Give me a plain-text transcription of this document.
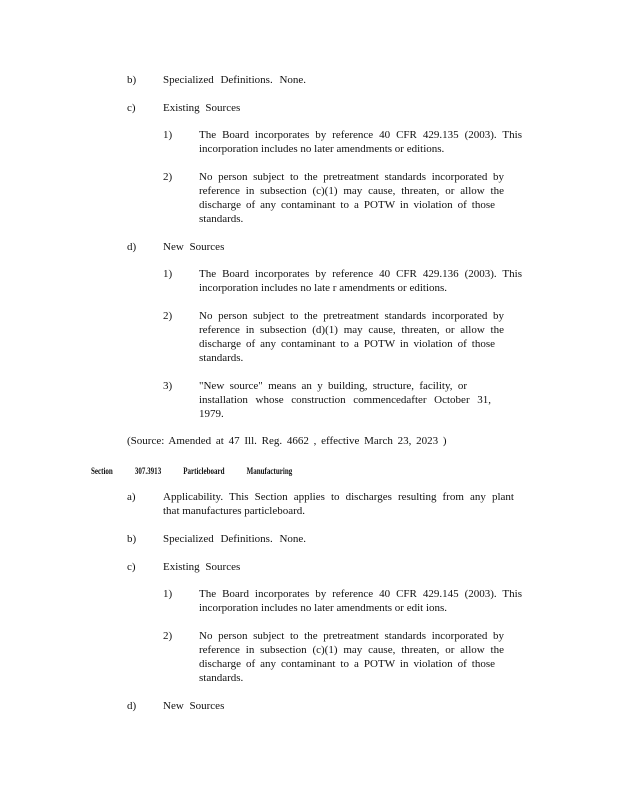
b) Specialized Definitions. None.
c) Existing Sources
1) The Board incorporates by reference 40 CFR 429.135 (2003). This
incorporation includes no later amendments or editions.
2) No person subject to the pretreatment standards incorporated by
reference in subsection (c)(1) may cause, threaten, or allow the
discharge of any contaminant to a POTW in violation of those
standards.
d) New Sources
1) The Board incorporates by reference 40 CFR 429.136 (2003). This
incorporation includes no late r amendments or editions.
2) No person subject to the pretreatment standards incorporated by
reference in subsection (d)(1) may cause, threaten, or allow the
discharge of any contaminant to a POTW in violation of those
standards.
3) "New source" means an y building, structure, facility, or
installation whose construction commencedafter October 31,
1979.
(Source: Amended at 47 Ill. Reg. 4662 , effective March 23, 2023 )
Section 307.3913 Particleboard Manufacturing
a) Applicability. This Section applies to discharges resulting from any plant
that manufactures particleboard.
b) Specialized Definitions. None.
c) Existing Sources
1) The Board incorporates by reference 40 CFR 429.145 (2003). This
incorporation includes no later amendments or edit ions.
2) No person subject to the pretreatment standards incorporated by
reference in subsection (c)(1) may cause, threaten, or allow the
discharge of any contaminant to a POTW in violation of those
standards.
d) New Sources
